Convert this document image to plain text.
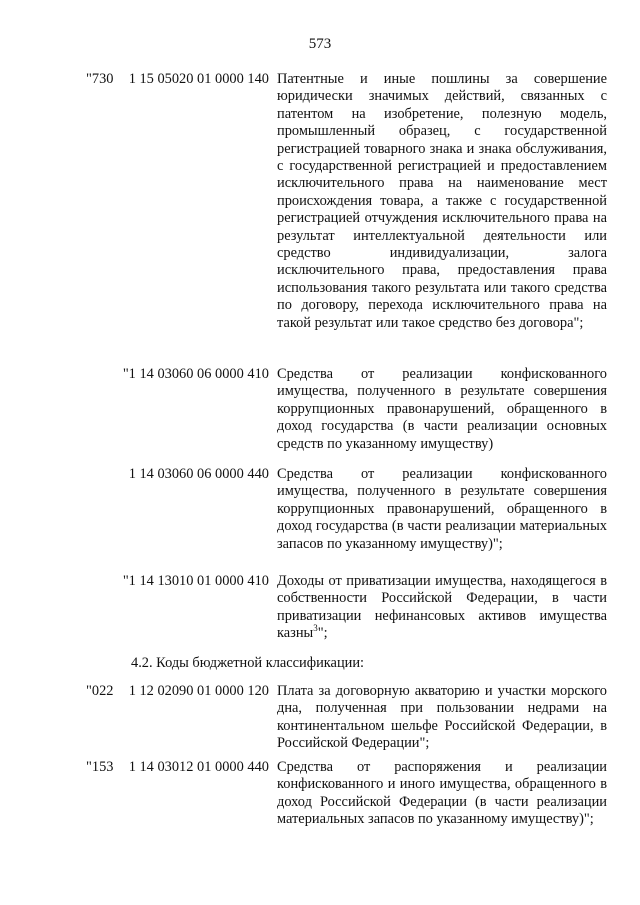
573
"730 1 15 05020 01 0000 140 Патентные и иные пошлины за совершение юридически значимых действий, связанных с патентом на изобретение, полезную модель, промышленный образец, с государственной регистрацией товарного знака и знака обслуживания, с государственной регистрацией и предоставлением исключительного права на наименование мест происхождения товара, а также с государственной регистрацией отчуждения исключительного права на результат интеллектуальной деятельности или средство индивидуализации, залога исключительного права, предоставления права использования такого результата или такого средства по договору, перехода исключительного права на такой результат или такое средство без договора";
"1 14 03060 06 0000 410 Средства от реализации конфискованного имущества, полученного в результате совершения коррупционных правонарушений, обращенного в доход государства (в части реализации основных средств по указанному имуществу)
1 14 03060 06 0000 440 Средства от реализации конфискованного имущества, полученного в результате совершения коррупционных правонарушений, обращенного в доход государства (в части реализации материальных запасов по указанному имуществу)";
"1 14 13010 01 0000 410 Доходы от приватизации имущества, находящегося в собственности Российской Федерации, в части приватизации нефинансовых активов имущества казны$^3$";
4.2. Коды бюджетной классификации:
"022 1 12 02090 01 0000 120 Плата за договорную акваторию и участки морского дна, полученная при пользовании недрами на континентальном шельфе Российской Федерации, в Российской Федерации";
"153 1 14 03012 01 0000 440 Средства от распоряжения и реализации конфискованного и иного имущества, обращенного в доход Российской Федерации (в части реализации материальных запасов по указанному имуществу)";
